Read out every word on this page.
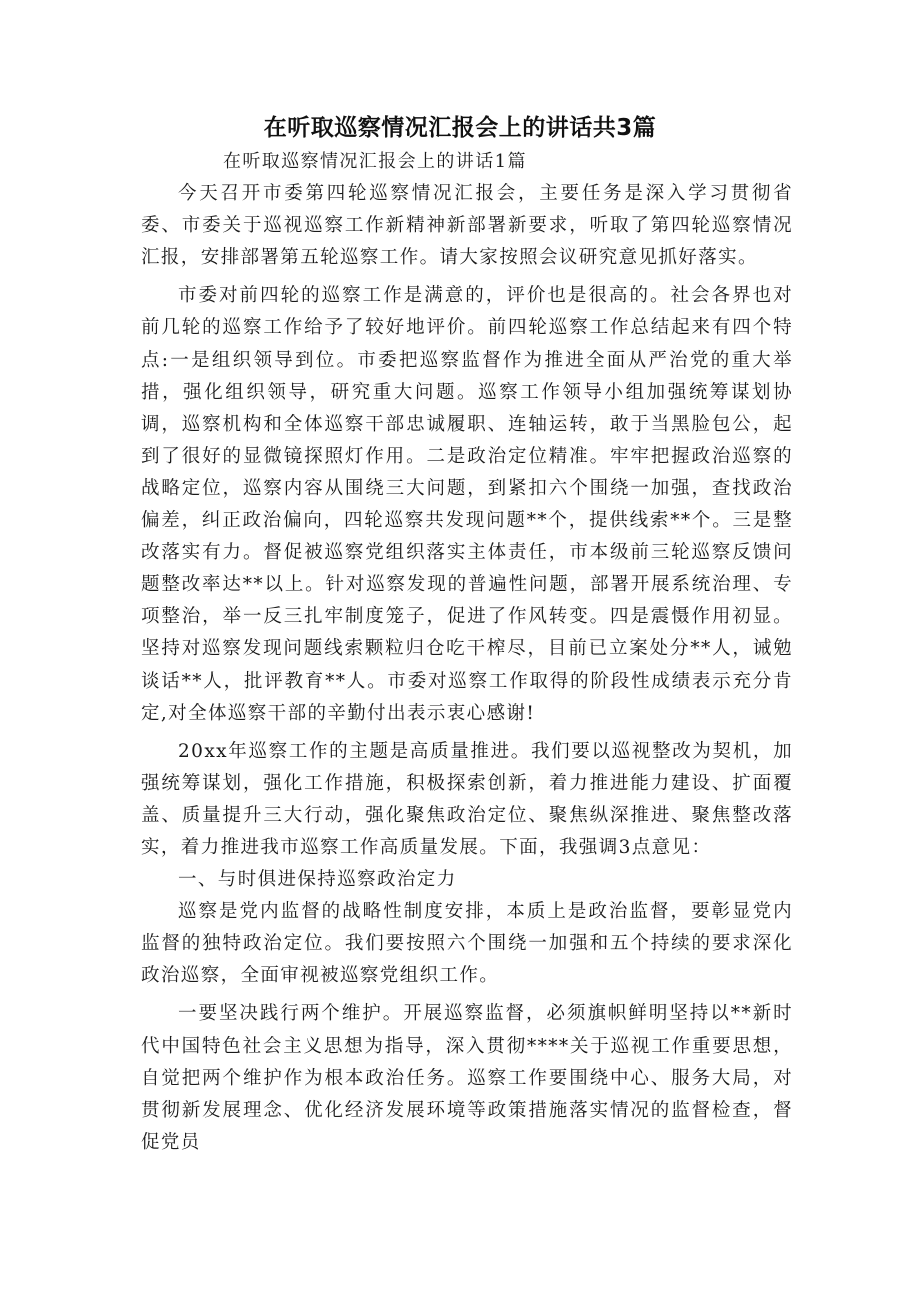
在听取巡察情况汇报会上的讲话共3篇
在听取巡察情况汇报会上的讲话1篇

今天召开市委第四轮巡察情况汇报会，主要任务是深入学习贯彻省委、市委关于巡视巡察工作新精神新部署新要求，听取了第四轮巡察情况汇报，安排部署第五轮巡察工作。请大家按照会议研究意见抓好落实。

市委对前四轮的巡察工作是满意的，评价也是很高的。社会各界也对前几轮的巡察工作给予了较好地评价。前四轮巡察工作总结起来有四个特点:一是组织领导到位。市委把巡察监督作为推进全面从严治党的重大举措，强化组织领导，研究重大问题。巡察工作领导小组加强统筹谋划协调，巡察机构和全体巡察干部忠诚履职、连轴运转，敢于当黑脸包公，起到了很好的显微镜探照灯作用。二是政治定位精准。牢牢把握政治巡察的战略定位，巡察内容从围绕三大问题，到紧扣六个围绕一加强，查找政治偏差，纠正政治偏向，四轮巡察共发现问题**个，提供线索**个。三是整改落实有力。督促被巡察党组织落实主体责任，市本级前三轮巡察反馈问题整改率达**以上。针对巡察发现的普遍性问题，部署开展系统治理、专项整治，举一反三扎牢制度笼子，促进了作风转变。四是震慑作用初显。坚持对巡察发现问题线索颗粒归仓吃干榨尽，目前已立案处分**人，诫勉谈话**人，批评教育**人。市委对巡察工作取得的阶段性成绩表示充分肯定,对全体巡察干部的辛勤付出表示衷心感谢!

20xx年巡察工作的主题是高质量推进。我们要以巡视整改为契机，加强统筹谋划，强化工作措施，积极探索创新，着力推进能力建设、扩面覆盖、质量提升三大行动，强化聚焦政治定位、聚焦纵深推进、聚焦整改落实，着力推进我市巡察工作高质量发展。下面，我强调3点意见：

一、与时俱进保持巡察政治定力

巡察是党内监督的战略性制度安排，本质上是政治监督，要彰显党内监督的独特政治定位。我们要按照六个围绕一加强和五个持续的要求深化政治巡察，全面审视被巡察党组织工作。

一要坚决践行两个维护。开展巡察监督，必须旗帜鲜明坚持以**新时代中国特色社会主义思想为指导，深入贯彻****关于巡视工作重要思想，自觉把两个维护作为根本政治任务。巡察工作要围绕中心、服务大局，对贯彻新发展理念、优化经济发展环境等政策措施落实情况的监督检查，督促党员
